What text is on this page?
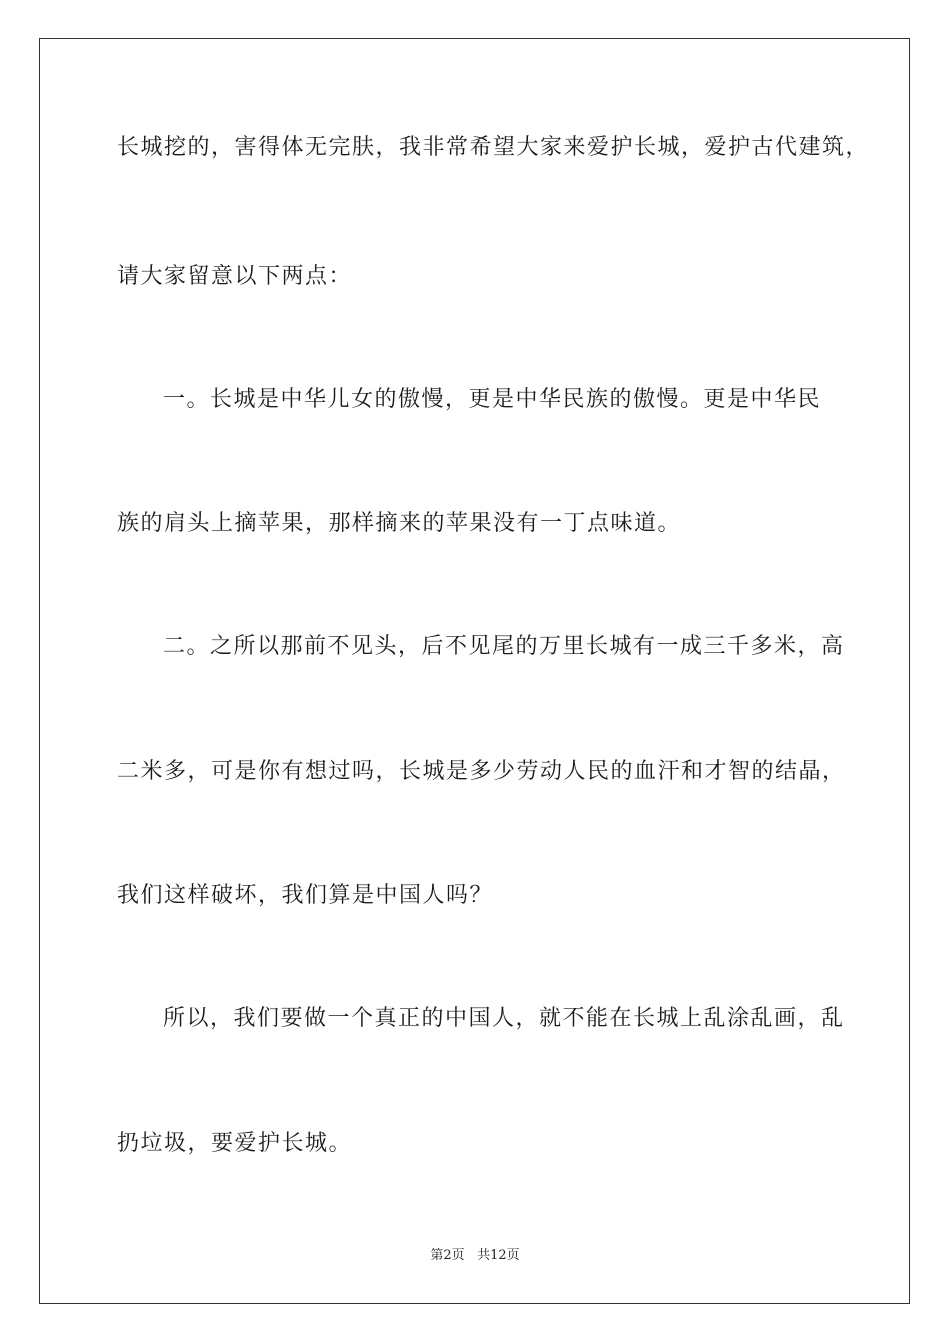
长城挖的，害得体无完肤，我非常希望大家来爱护长城，爱护古代建筑，
请大家留意以下两点：
一。长城是中华儿女的傲慢，更是中华民族的傲慢。更是中华民
族的肩头上摘苹果，那样摘来的苹果没有一丁点味道。
二。之所以那前不见头，后不见尾的万里长城有一成三千多米，高
二米多，可是你有想过吗，长城是多少劳动人民的血汗和才智的结晶，
我们这样破坏，我们算是中国人吗？
所以，我们要做一个真正的中国人，就不能在长城上乱涂乱画，乱
扔垃圾，要爱护长城。
第2页 共12页
